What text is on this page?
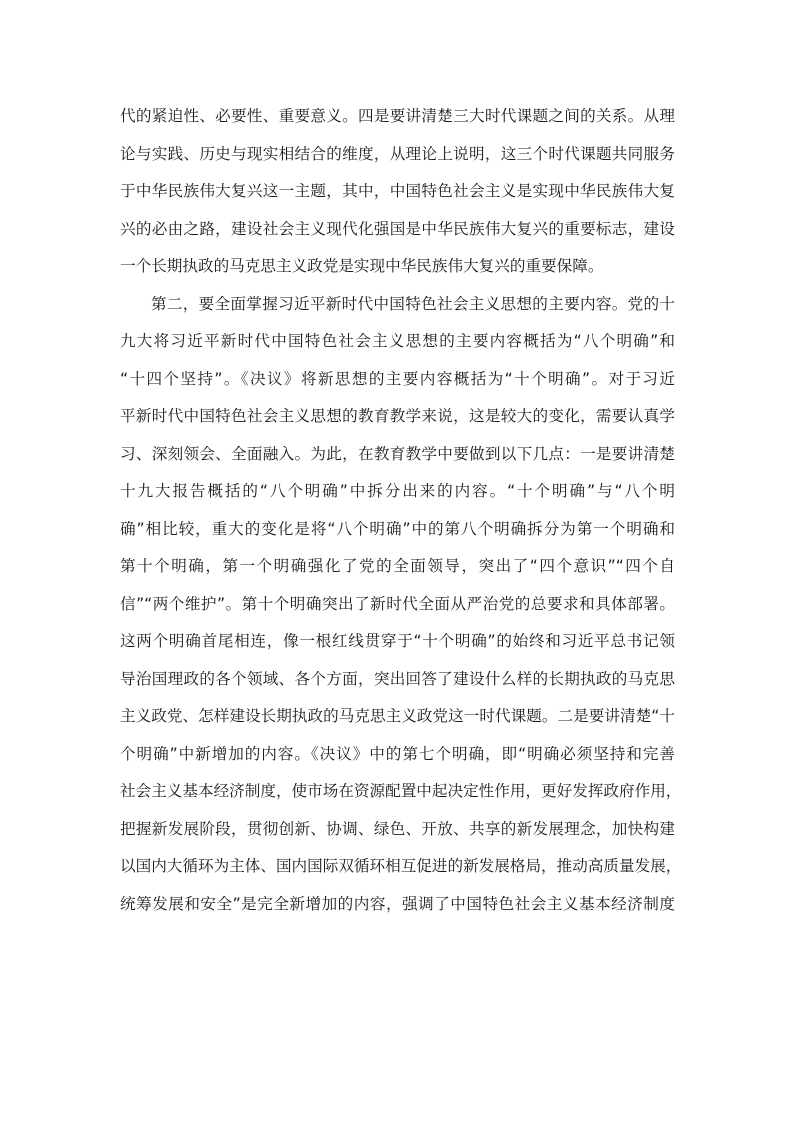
代的紧迫性、必要性、重要意义。四是要讲清楚三大时代课题之间的关系。从理
论与实践、历史与现实相结合的维度，从理论上说明，这三个时代课题共同服务
于中华民族伟大复兴这一主题，其中，中国特色社会主义是实现中华民族伟大复
兴的必由之路，建设社会主义现代化强国是中华民族伟大复兴的重要标志，建设
一个长期执政的马克思主义政党是实现中华民族伟大复兴的重要保障。
第二，要全面掌握习近平新时代中国特色社会主义思想的主要内容。党的十
九大将习近平新时代中国特色社会主义思想的主要内容概括为“八个明确”和
“十四个坚持”。《决议》将新思想的主要内容概括为“十个明确”。对于习近
平新时代中国特色社会主义思想的教育教学来说，这是较大的变化，需要认真学
习、深刻领会、全面融入。为此，在教育教学中要做到以下几点：一是要讲清楚
十九大报告概括的“八个明确”中拆分出来的内容。“十个明确”与“八个明
确”相比较，重大的变化是将“八个明确”中的第八个明确拆分为第一个明确和
第十个明确，第一个明确强化了党的全面领导，突出了“四个意识”“四个自
信”“两个维护”。第十个明确突出了新时代全面从严治党的总要求和具体部署。
这两个明确首尾相连，像一根红线贯穿于“十个明确”的始终和习近平总书记领
导治国理政的各个领域、各个方面，突出回答了建设什么样的长期执政的马克思
主义政党、怎样建设长期执政的马克思主义政党这一时代课题。二是要讲清楚“十
个明确”中新增加的内容。《决议》中的第七个明确，即“明确必须坚持和完善
社会主义基本经济制度，使市场在资源配置中起决定性作用，更好发挥政府作用，
把握新发展阶段，贯彻创新、协调、绿色、开放、共享的新发展理念，加快构建
以国内大循环为主体、国内国际双循环相互促进的新发展格局，推动高质量发展，
统筹发展和安全”是完全新增加的内容，强调了中国特色社会主义基本经济制度
